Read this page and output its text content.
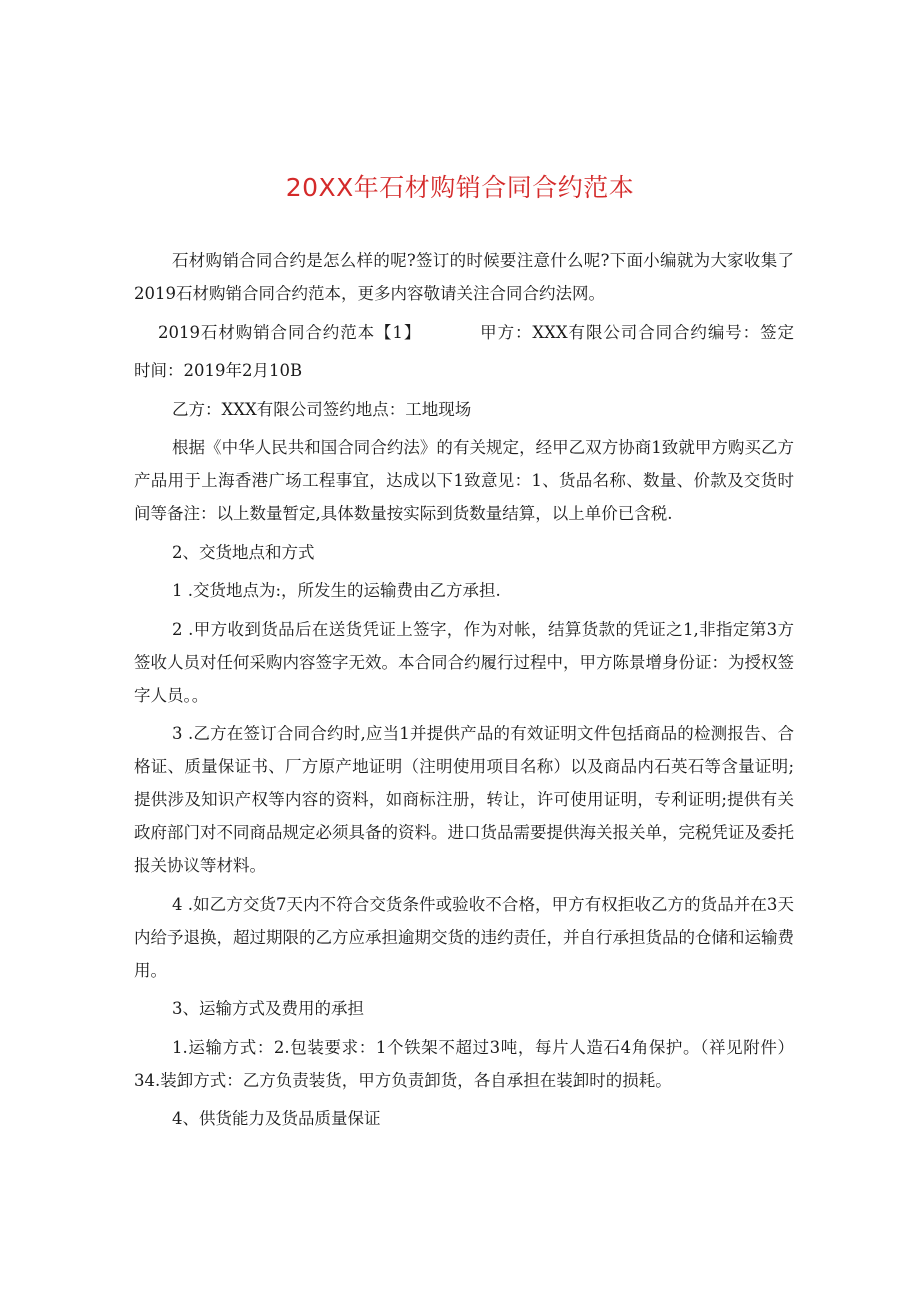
20XX年石材购销合同合约范本

石材购销合同合约是怎么样的呢?签订的时候要注意什么呢?下面小编就为大家收集了2019石材购销合同合约范本，更多内容敬请关注合同合约法网。

2019石材购销合同合约范本【1】	甲方：XXX有限公司合同合约编号：签定

时间：2019年2月10B

乙方：XXX有限公司签约地点：工地现场

根据《中华人民共和国合同合约法》的有关规定，经甲乙双方协商1致就甲方购买乙方产品用于上海香港广场工程事宜，达成以下1致意见：1、货品名称、数量、价款及交货时间等备注：以上数量暂定,具体数量按实际到货数量结算，以上单价已含税.

2、交货地点和方式

1 .交货地点为:，所发生的运输费由乙方承担.

2 .甲方收到货品后在送货凭证上签字，作为对帐，结算货款的凭证之1,非指定第3方签收人员对任何采购内容签字无效。本合同合约履行过程中，甲方陈景增身份证：为授权签字人员。。

3 .乙方在签订合同合约时,应当1并提供产品的有效证明文件包括商品的检测报告、合格证、质量保证书、厂方原产地证明（注明使用项目名称）以及商品内石英石等含量证明;提供涉及知识产权等内容的资料，如商标注册，转让，许可使用证明，专利证明;提供有关政府部门对不同商品规定必须具备的资料。进口货品需要提供海关报关单，完税凭证及委托报关协议等材料。

4 .如乙方交货7天内不符合交货条件或验收不合格，甲方有权拒收乙方的货品并在3天内给予退换，超过期限的乙方应承担逾期交货的违约责任，并自行承担货品的仓储和运输费用。

3、运输方式及费用的承担

1.运输方式：2.包装要求：1个铁架不超过3吨，每片人造石4角保护。（祥见附件）34.装卸方式：乙方负责装货，甲方负责卸货，各自承担在装卸时的损耗。

4、供货能力及货品质量保证
